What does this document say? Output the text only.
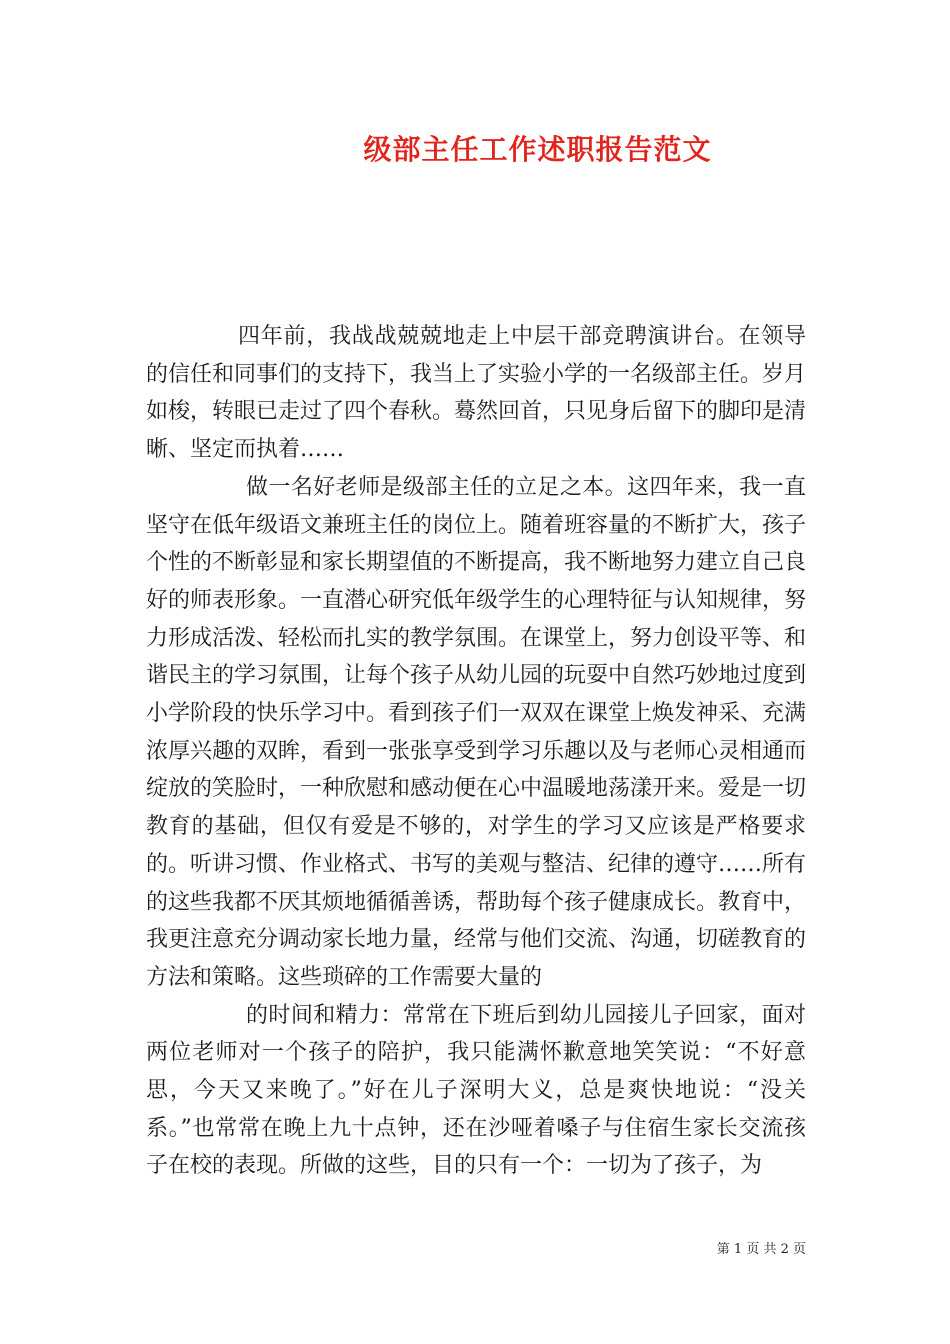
级部主任工作述职报告范文

四年前，我战战兢兢地走上中层干部竞聘演讲台。在领导的信任和同事们的支持下，我当上了实验小学的一名级部主任。岁月如梭，转眼已走过了四个春秋。蓦然回首，只见身后留下的脚印是清晰、坚定而执着……

做一名好老师是级部主任的立足之本。这四年来，我一直坚守在低年级语文兼班主任的岗位上。随着班容量的不断扩大，孩子个性的不断彰显和家长期望值的不断提高，我不断地努力建立自己良好的师表形象。一直潜心研究低年级学生的心理特征与认知规律，努力形成活泼、轻松而扎实的教学氛围。在课堂上，努力创设平等、和谐民主的学习氛围，让每个孩子从幼儿园的玩耍中自然巧妙地过度到小学阶段的快乐学习中。看到孩子们一双双在课堂上焕发神采、充满浓厚兴趣的双眸，看到一张张享受到学习乐趣以及与老师心灵相通而绽放的笑脸时，一种欣慰和感动便在心中温暖地荡漾开来。爱是一切教育的基础，但仅有爱是不够的，对学生的学习又应该是严格要求的。听讲习惯、作业格式、书写的美观与整洁、纪律的遵守……所有的这些我都不厌其烦地循循善诱，帮助每个孩子健康成长。教育中，我更注意充分调动家长地力量，经常与他们交流、沟通，切磋教育的方法和策略。这些琐碎的工作需要大量的

的时间和精力：常常在下班后到幼儿园接儿子回家，面对两位老师对一个孩子的陪护，我只能满怀歉意地笑笑说：“不好意思，今天又来晚了。”好在儿子深明大义，总是爽快地说：“没关系。”也常常在晚上九十点钟，还在沙哑着嗓子与住宿生家长交流孩子在校的表现。所做的这些，目的只有一个：一切为了孩子，为

第 1 页 共 2 页
